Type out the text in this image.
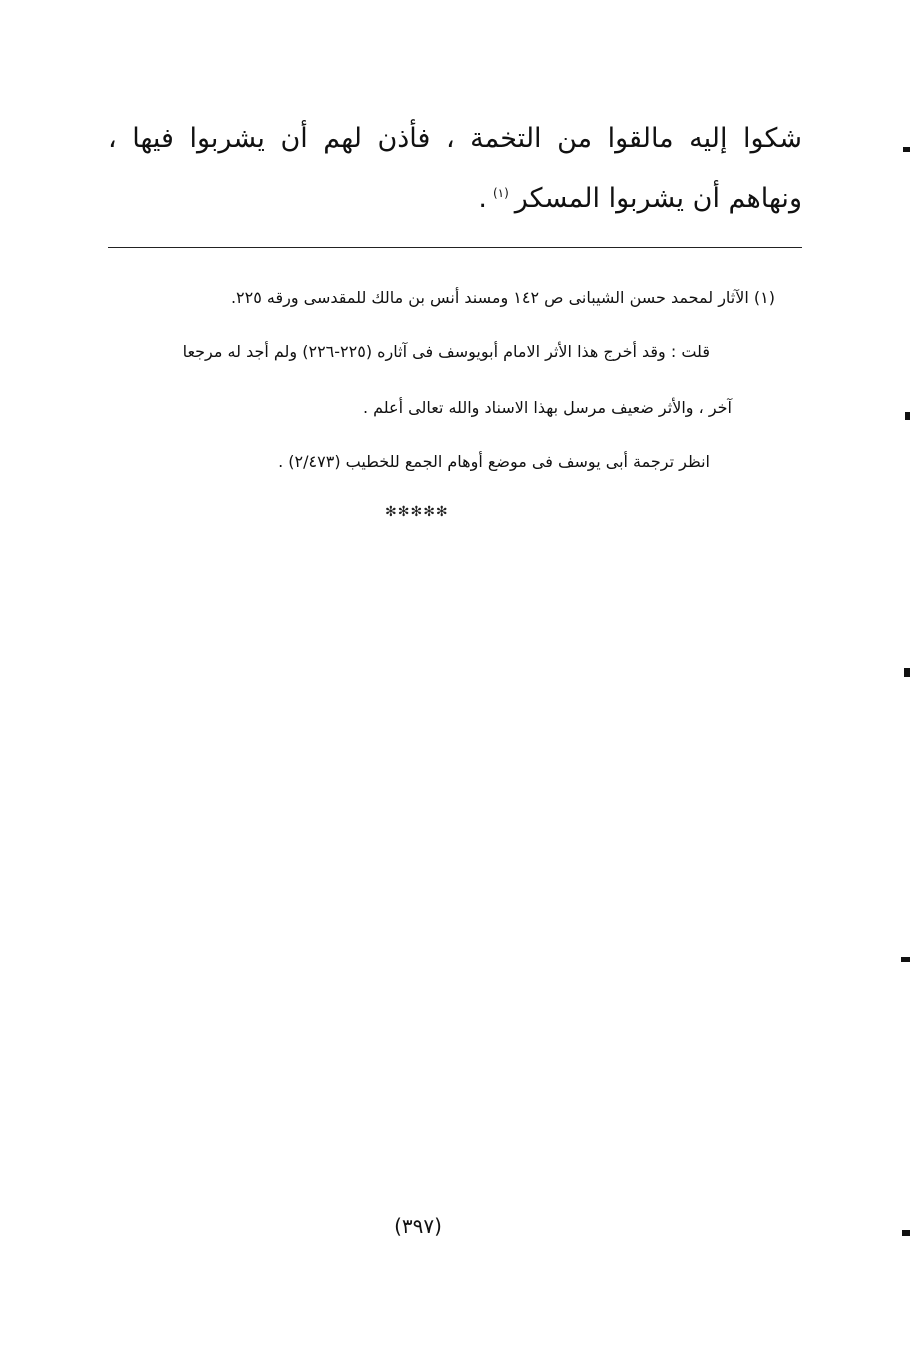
شكوا إليه مالقوا من التخمة ، فأذن لهم أن يشربوا فيها ، ونهاهم أن يشربوا المسكر$^{(١)}$.

(١) الآثار لمحمد حسن الشيبانى ص ١٤٢ ومسند أنس بن مالك للمقدسى ورقه ٢٢٥.

قلت : وقد أخرج هذا الأثر الامام أبويوسف فى آثاره (٢٢٥-٢٢٦) ولم أجد له مرجعا

آخر ، والأثر ضعيف مرسل بهذا الاسناد والله تعالى أعلم .

انظر ترجمة أبى يوسف فى موضع أوهام الجمع للخطيب (٢/٤٧٣) .

✻✻✻✻✻
(٣٩٧)
